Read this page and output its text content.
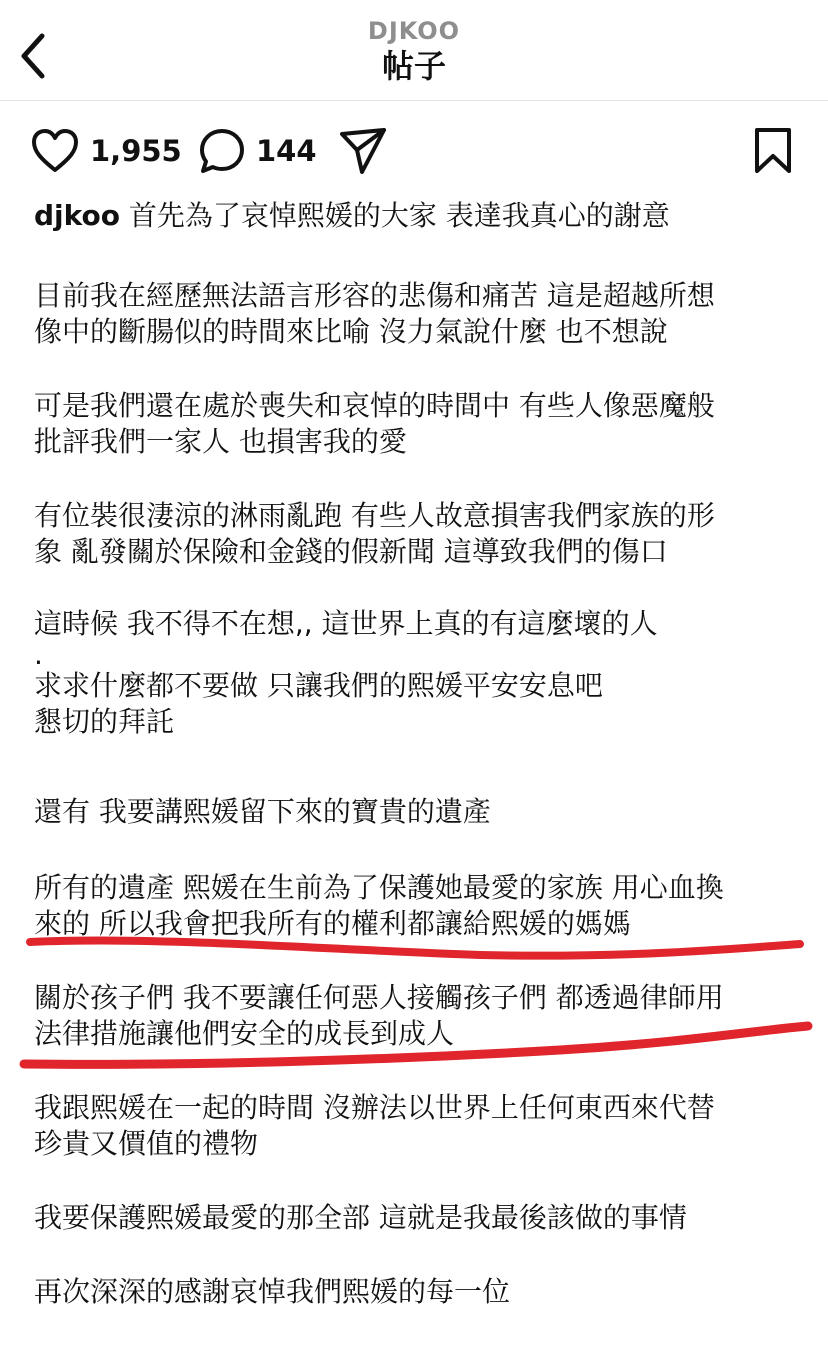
DJKOO
帖子
1,955	144
djkoo 首先為了哀悼熙媛的大家 表達我真心的謝意
目前我在經歷無法語言形容的悲傷和痛苦 這是超越所想
像中的斷腸似的時間來比喻 沒力氣說什麼 也不想說
可是我們還在處於喪失和哀悼的時間中 有些人像惡魔般
批評我們一家人 也損害我的愛
有位裝很淒涼的淋雨亂跑 有些人故意損害我們家族的形
象 亂發關於保險和金錢的假新聞 這導致我們的傷口
這時候 我不得不在想,, 這世界上真的有這麼壞的人
.
求求什麼都不要做 只讓我們的熙媛平安安息吧
懇切的拜託
還有 我要講熙媛留下來的寶貴的遺產
所有的遺產 熙媛在生前為了保護她最愛的家族 用心血換
來的 所以我會把我所有的權利都讓給熙媛的媽媽
關於孩子們 我不要讓任何惡人接觸孩子們 都透過律師用
法律措施讓他們安全的成長到成人
我跟熙媛在一起的時間 沒辦法以世界上任何東西來代替
珍貴又價值的禮物
我要保護熙媛最愛的那全部 這就是我最後該做的事情
再次深深的感謝哀悼我們熙媛的每一位
